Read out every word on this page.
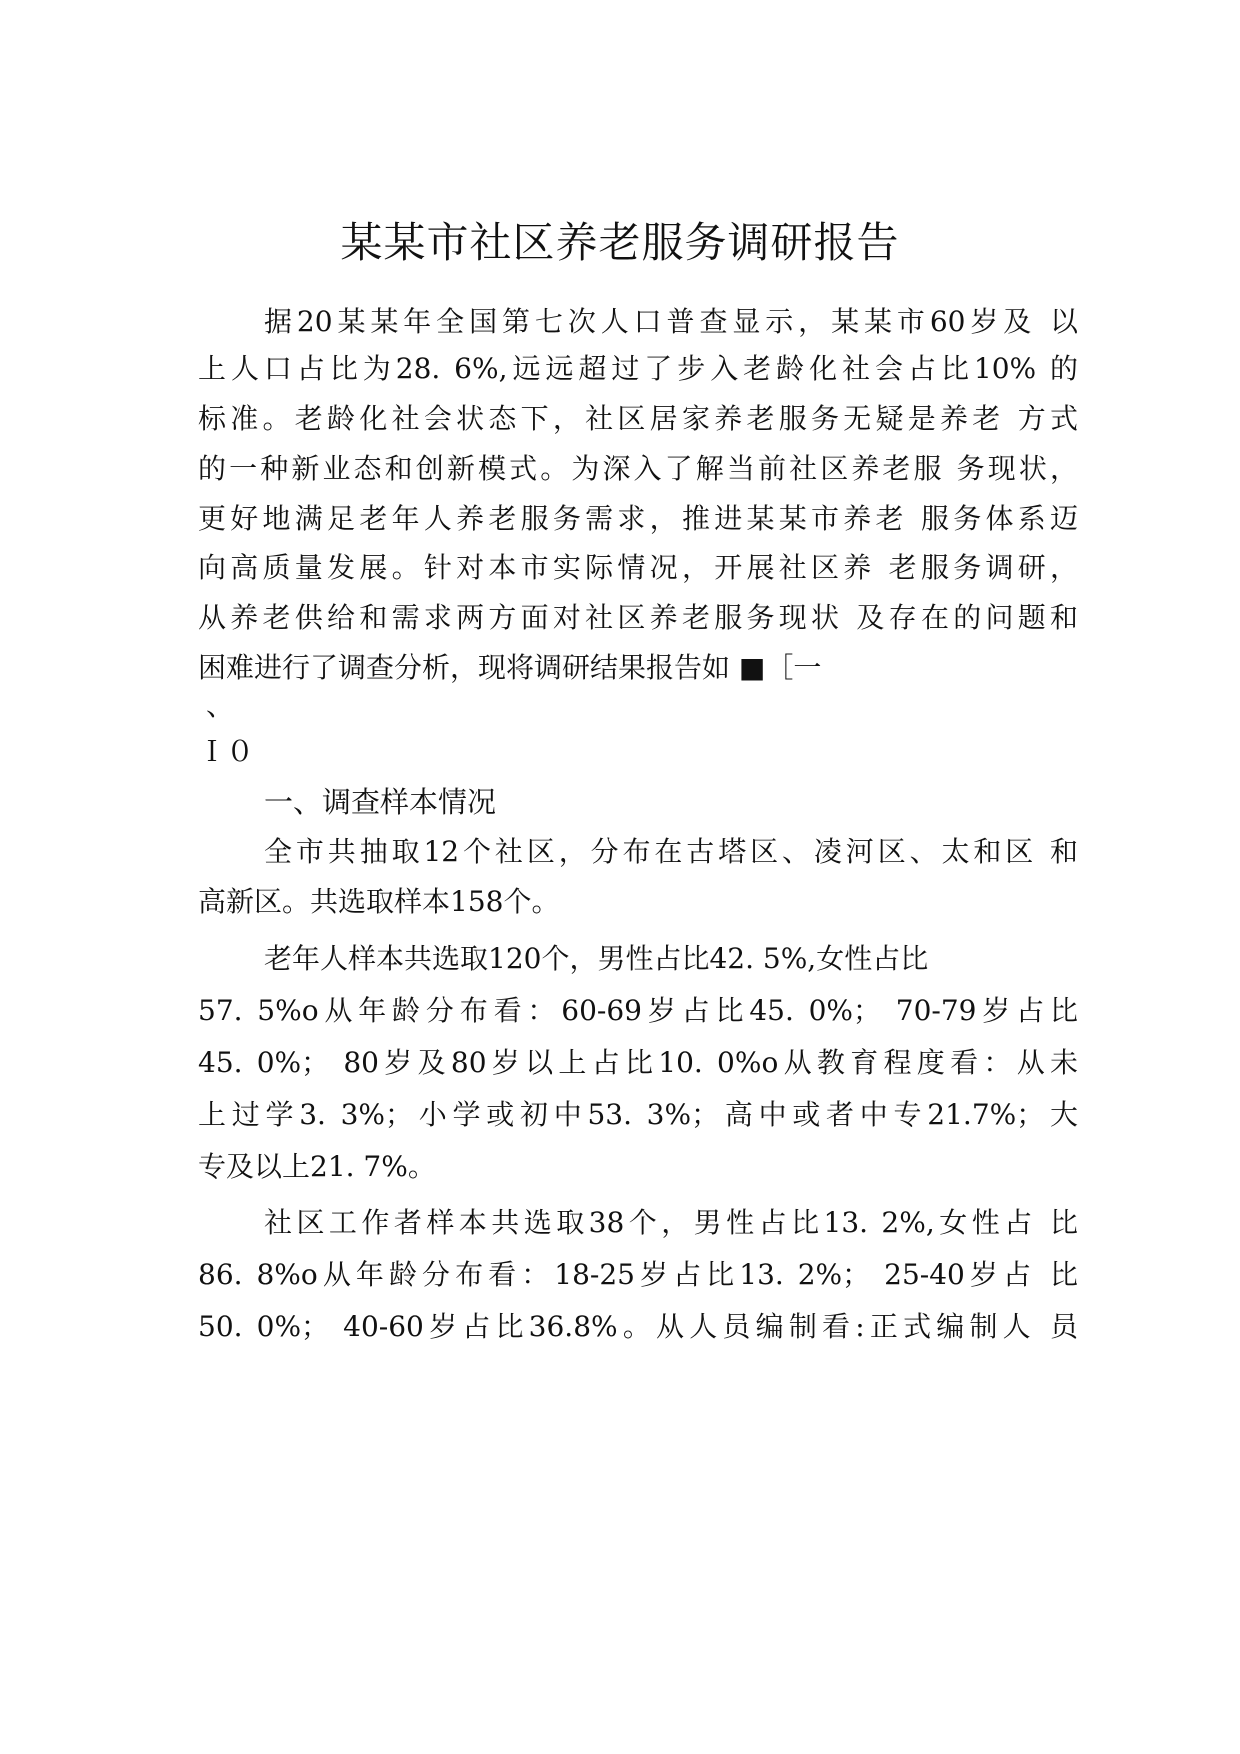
某某市社区养老服务调研报告
据20某某年全国第七次人口普查显示，某某市60岁及 以
上人口占比为28. 6%,远远超过了步入老龄化社会占比10% 的
标准。老龄化社会状态下，社区居家养老服务无疑是养老 方式
的一种新业态和创新模式。为深入了解当前社区养老服 务现状，
更好地满足老年人养老服务需求，推进某某市养老 服务体系迈
向高质量发展。针对本市实际情况，开展社区养 老服务调研，
从养老供给和需求两方面对社区养老服务现状 及存在的问题和
困难进行了调查分析，现将调研结果报告如 ■［一
、
Ｉ０
一、调查样本情况
全市共抽取12个社区，分布在古塔区、凌河区、太和区 和
高新区。共选取样本158个。
老年人样本共选取120个，男性占比42. 5%,女性占比
57. 5%o从年龄分布看：60-69岁占比45. 0%； 70-79岁占比
45. 0%； 80岁及80岁以上占比10. 0%o从教育程度看：从未
上过学3. 3%；小学或初中53. 3%；高中或者中专21.7%；大
专及以上21. 7%。
社区工作者样本共选取38个，男性占比13. 2%,女性占 比
86. 8%o从年龄分布看：18-25岁占比13. 2%； 25-40岁占 比
50. 0%； 40-60岁占比36.8%。从人员编制看:正式编制人 员
